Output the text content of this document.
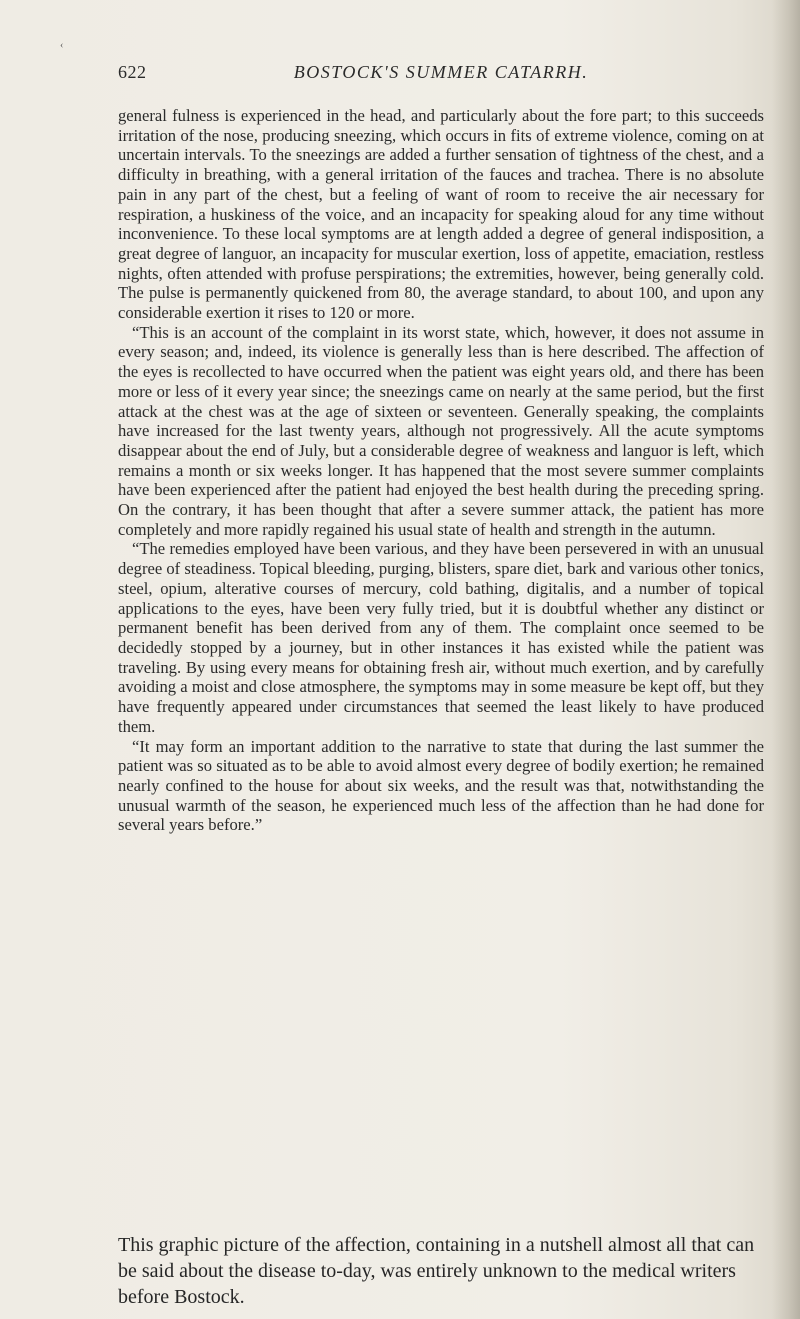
‹
622	BOSTOCK'S SUMMER CATARRH.

general fulness is experienced in the head, and particularly about the fore part; to this succeeds irritation of the nose, producing sneezing, which occurs in fits of extreme violence, coming on at uncertain intervals. To the sneezings are added a further sensation of tightness of the chest, and a difficulty in breathing, with a general irritation of the fauces and trachea. There is no absolute pain in any part of the chest, but a feeling of want of room to receive the air necessary for respiration, a huskiness of the voice, and an incapacity for speaking aloud for any time without inconvenience. To these local symptoms are at length added a degree of general indisposition, a great degree of languor, an incapacity for muscular exertion, loss of appetite, emaciation, restless nights, often attended with profuse perspirations; the extremities, however, being generally cold. The pulse is permanently quickened from 80, the average standard, to about 100, and upon any considerable exertion it rises to 120 or more.

“This is an account of the complaint in its worst state, which, however, it does not assume in every season; and, indeed, its violence is generally less than is here described. The affection of the eyes is recollected to have occurred when the patient was eight years old, and there has been more or less of it every year since; the sneezings came on nearly at the same period, but the first attack at the chest was at the age of sixteen or seventeen. Generally speaking, the complaints have increased for the last twenty years, although not progressively. All the acute symptoms disappear about the end of July, but a considerable degree of weakness and languor is left, which remains a month or six weeks longer. It has happened that the most severe summer complaints have been experienced after the patient had enjoyed the best health during the preceding spring. On the contrary, it has been thought that after a severe summer attack, the patient has more completely and more rapidly regained his usual state of health and strength in the autumn.

“The remedies employed have been various, and they have been persevered in with an unusual degree of steadiness. Topical bleeding, purging, blisters, spare diet, bark and various other tonics, steel, opium, alterative courses of mercury, cold bathing, digitalis, and a number of topical applications to the eyes, have been very fully tried, but it is doubtful whether any distinct or permanent benefit has been derived from any of them. The complaint once seemed to be decidedly stopped by a journey, but in other instances it has existed while the patient was traveling. By using every means for obtaining fresh air, without much exertion, and by carefully avoiding a moist and close atmosphere, the symptoms may in some measure be kept off, but they have frequently appeared under circumstances that seemed the least likely to have produced them.

“It may form an important addition to the narrative to state that during the last summer the patient was so situated as to be able to avoid almost every degree of bodily exertion; he remained nearly confined to the house for about six weeks, and the result was that, notwithstanding the unusual warmth of the season, he experienced much less of the affection than he had done for several years before.”

This graphic picture of the affection, containing in a nutshell almost all that can be said about the disease to-day, was entirely unknown to the medical writers before Bostock.
